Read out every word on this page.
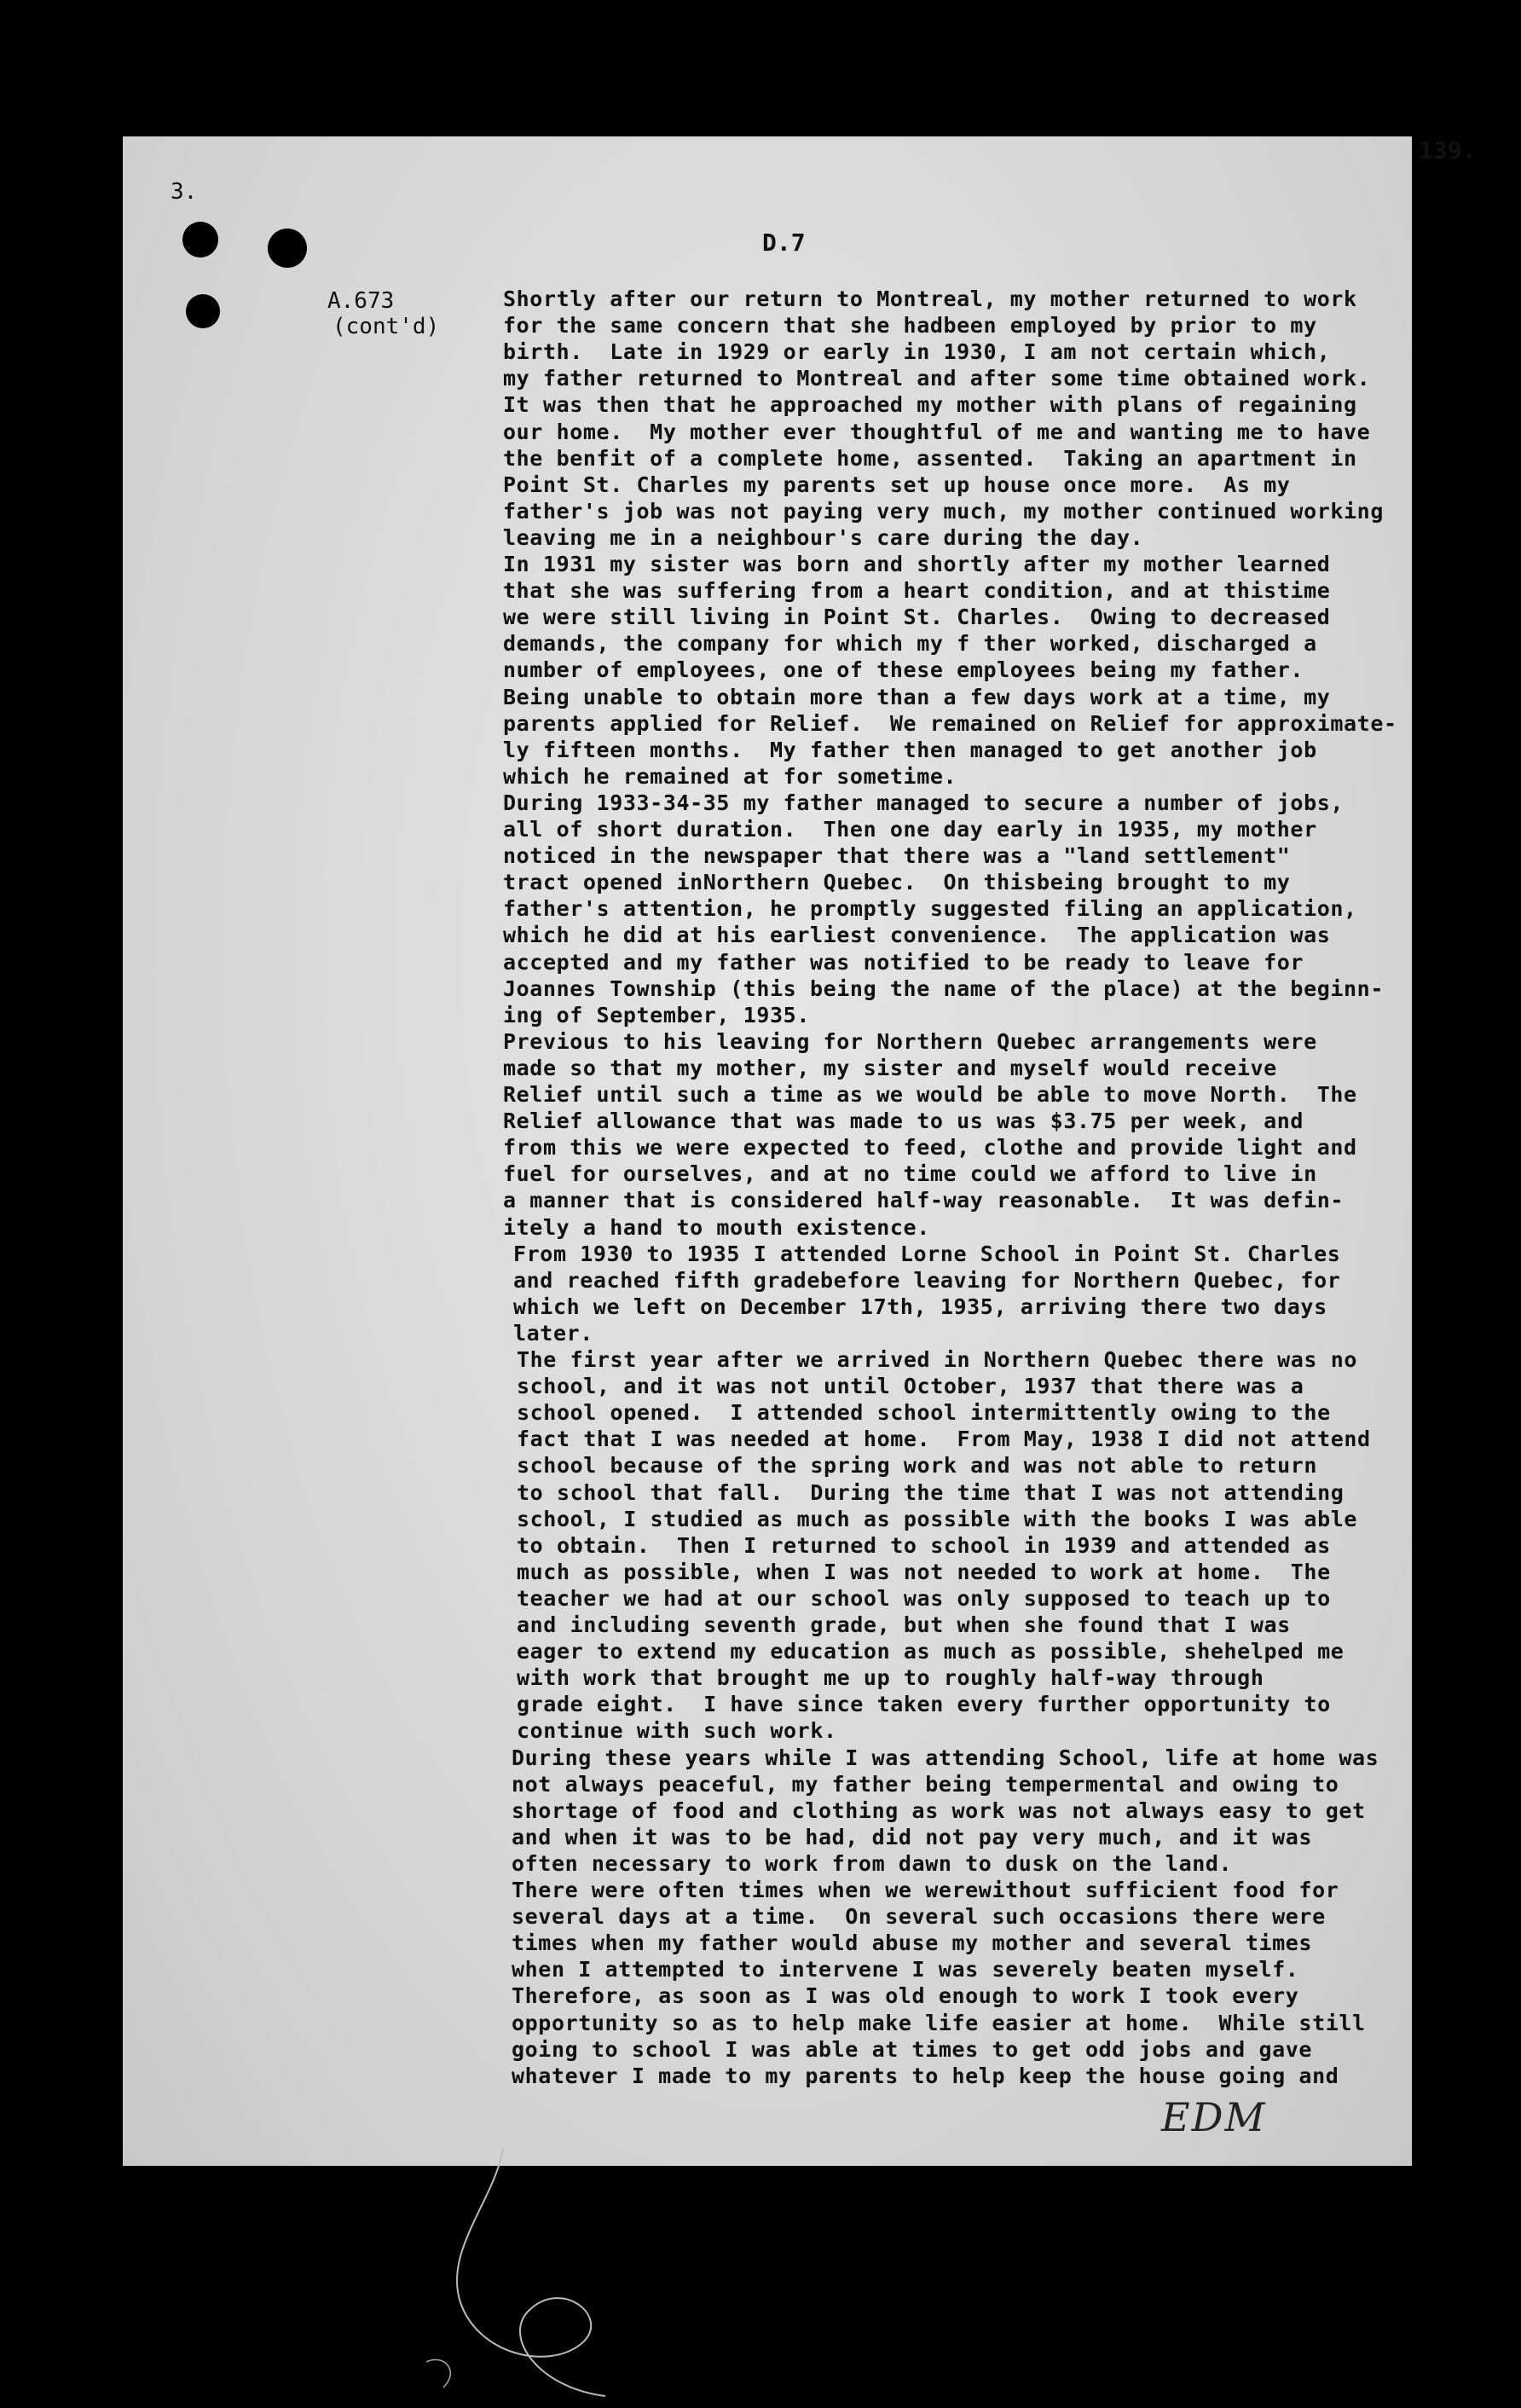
3.
139.
D.7
A.673
(cont'd)
Shortly after our return to Montreal, my mother returned to work
for the same concern that she hadbeen employed by prior to my
birth.  Late in 1929 or early in 1930, I am not certain which,
my father returned to Montreal and after some time obtained work.
It was then that he approached my mother with plans of regaining
our home.  My mother ever thoughtful of me and wanting me to have
the benfit of a complete home, assented.  Taking an apartment in
Point St. Charles my parents set up house once more.  As my
father's job was not paying very much, my mother continued working
leaving me in a neighbour's care during the day.
In 1931 my sister was born and shortly after my mother learned
that she was suffering from a heart condition, and at thistime
we were still living in Point St. Charles.  Owing to decreased
demands, the company for which my f ther worked, discharged a
number of employees, one of these employees being my father.
Being unable to obtain more than a few days work at a time, my
parents applied for Relief.  We remained on Relief for approximate-
ly fifteen months.  My father then managed to get another job
which he remained at for sometime.
During 1933-34-35 my father managed to secure a number of jobs,
all of short duration.  Then one day early in 1935, my mother
noticed in the newspaper that there was a "land settlement"
tract opened inNorthern Quebec.  On thisbeing brought to my
father's attention, he promptly suggested filing an application,
which he did at his earliest convenience.  The application was
accepted and my father was notified to be ready to leave for
Joannes Township (this being the name of the place) at the beginn-
ing of September, 1935.
Previous to his leaving for Northern Quebec arrangements were
made so that my mother, my sister and myself would receive
Relief until such a time as we would be able to move North.  The
Relief allowance that was made to us was $3.75 per week, and
from this we were expected to feed, clothe and provide light and
fuel for ourselves, and at no time could we afford to live in
a manner that is considered half-way reasonable.  It was defin-
itely a hand to mouth existence.
From 1930 to 1935 I attended Lorne School in Point St. Charles
and reached fifth gradebefore leaving for Northern Quebec, for
which we left on December 17th, 1935, arriving there two days
later.
The first year after we arrived in Northern Quebec there was no
school, and it was not until October, 1937 that there was a
school opened.  I attended school intermittently owing to the
fact that I was needed at home.  From May, 1938 I did not attend
school because of the spring work and was not able to return
to school that fall.  During the time that I was not attending
school, I studied as much as possible with the books I was able
to obtain.  Then I returned to school in 1939 and attended as
much as possible, when I was not needed to work at home.  The
teacher we had at our school was only supposed to teach up to
and including seventh grade, but when she found that I was
eager to extend my education as much as possible, shehelped me
with work that brought me up to roughly half-way through
grade eight.  I have since taken every further opportunity to
continue with such work.
During these years while I was attending School, life at home was
not always peaceful, my father being tempermental and owing to
shortage of food and clothing as work was not always easy to get
and when it was to be had, did not pay very much, and it was
often necessary to work from dawn to dusk on the land.
There were often times when we werewithout sufficient food for
several days at a time.  On several such occasions there were
times when my father would abuse my mother and several times
when I attempted to intervene I was severely beaten myself.
Therefore, as soon as I was old enough to work I took every
opportunity so as to help make life easier at home.  While still
going to school I was able at times to get odd jobs and gave
whatever I made to my parents to help keep the house going and
EDM
